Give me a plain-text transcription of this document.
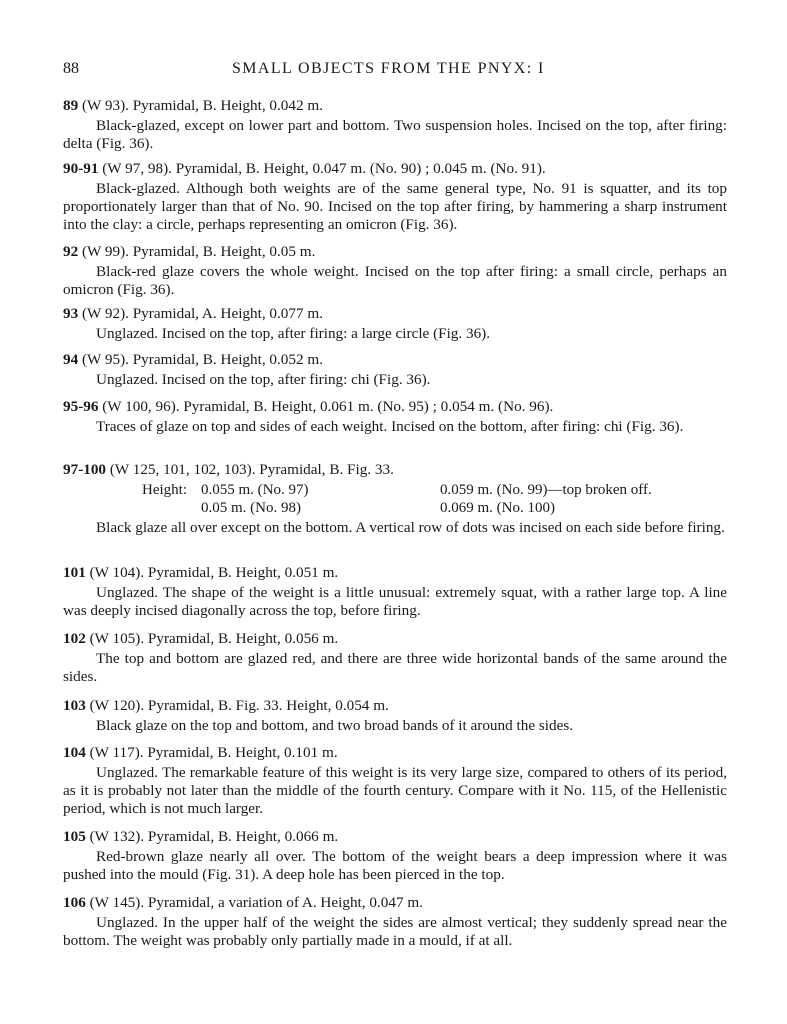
88	SMALL OBJECTS FROM THE PNYX: I
89 (W 93). Pyramidal, B. Height, 0.042 m.
Black-glazed, except on lower part and bottom. Two suspension holes. Incised on the top, after firing: delta (Fig. 36).
90-91 (W 97, 98). Pyramidal, B. Height, 0.047 m. (No. 90) ; 0.045 m. (No. 91).
Black-glazed. Although both weights are of the same general type, No. 91 is squatter, and its top proportionately larger than that of No. 90. Incised on the top after firing, by hammering a sharp instrument into the clay: a circle, perhaps representing an omicron (Fig. 36).
92 (W 99). Pyramidal, B. Height, 0.05 m.
Black-red glaze covers the whole weight. Incised on the top after firing: a small circle, perhaps an omicron (Fig. 36).
93 (W 92). Pyramidal, A. Height, 0.077 m.
Unglazed. Incised on the top, after firing: a large circle (Fig. 36).
94 (W 95). Pyramidal, B. Height, 0.052 m.
Unglazed. Incised on the top, after firing: chi (Fig. 36).
95-96 (W 100, 96). Pyramidal, B. Height, 0.061 m. (No. 95) ; 0.054 m. (No. 96).
Traces of glaze on top and sides of each weight. Incised on the bottom, after firing: chi (Fig. 36).
97-100 (W 125, 101, 102, 103). Pyramidal, B. Fig. 33.
Height: 0.055 m. (No. 97)
0.05 m. (No. 98)
0.059 m. (No. 99)—top broken off.
0.069 m. (No. 100)
Black glaze all over except on the bottom. A vertical row of dots was incised on each side before firing.
101 (W 104). Pyramidal, B. Height, 0.051 m.
Unglazed. The shape of the weight is a little unusual: extremely squat, with a rather large top. A line was deeply incised diagonally across the top, before firing.
102 (W 105). Pyramidal, B. Height, 0.056 m.
The top and bottom are glazed red, and there are three wide horizontal bands of the same around the sides.
103 (W 120). Pyramidal, B. Fig. 33. Height, 0.054 m.
Black glaze on the top and bottom, and two broad bands of it around the sides.
104 (W 117). Pyramidal, B. Height, 0.101 m.
Unglazed. The remarkable feature of this weight is its very large size, compared to others of its period, as it is probably not later than the middle of the fourth century. Compare with it No. 115, of the Hellenistic period, which is not much larger.
105 (W 132). Pyramidal, B. Height, 0.066 m.
Red-brown glaze nearly all over. The bottom of the weight bears a deep impression where it was pushed into the mould (Fig. 31). A deep hole has been pierced in the top.
106 (W 145). Pyramidal, a variation of A. Height, 0.047 m.
Unglazed. In the upper half of the weight the sides are almost vertical; they suddenly spread near the bottom. The weight was probably only partially made in a mould, if at all.
